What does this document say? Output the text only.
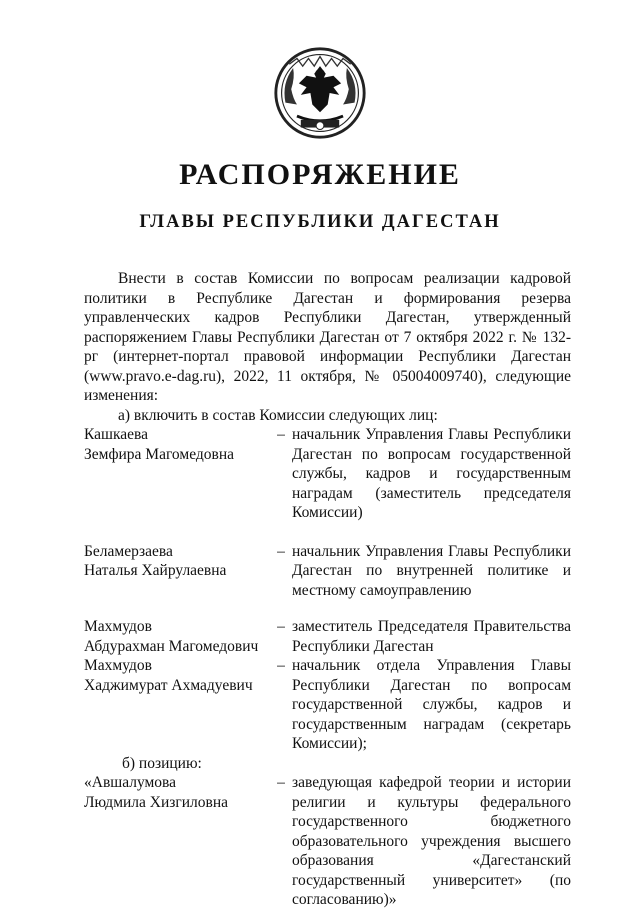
РАСПОРЯЖЕНИЕ
ГЛАВЫ РЕСПУБЛИКИ ДАГЕСТАН

Внести в состав Комиссии по вопросам реализации кадровой политики в Республике Дагестан и формирования резерва управленческих кадров Республики Дагестан, утвержденный распоряжением Главы Республики Дагестан от 7 октября 2022 г. № 132-рг (интернет-портал правовой информации Республики Дагестан (www.pravo.e-dag.ru), 2022, 11 октября, № 05004009740), следующие изменения:

а) включить в состав Комиссии следующих лиц:

Кашкаева
Земфира Магомедовна
– начальник Управления Главы Республики Дагестан по вопросам государственной службы, кадров и государственным наградам (заместитель председателя Комиссии)
Беламерзаева
Наталья Хайрулаевна
– начальник Управления Главы Республики Дагестан по внутренней политике и местному самоуправлению
Махмудов
Абдурахман Магомедович
– заместитель Председателя Правительства Республики Дагестан
Махмудов
Хаджимурат Ахмадуевич
– начальник отдела Управления Главы Республики Дагестан по вопросам государственной службы, кадров и государственным наградам (секретарь Комиссии);

б) позицию:

«Авшалумова
Людмила Хизгиловна
– заведующая кафедрой теории и истории религии и культуры федерального государственного бюджетного образовательного учреждения высшего образования «Дагестанский государственный университет» (по согласованию)»
